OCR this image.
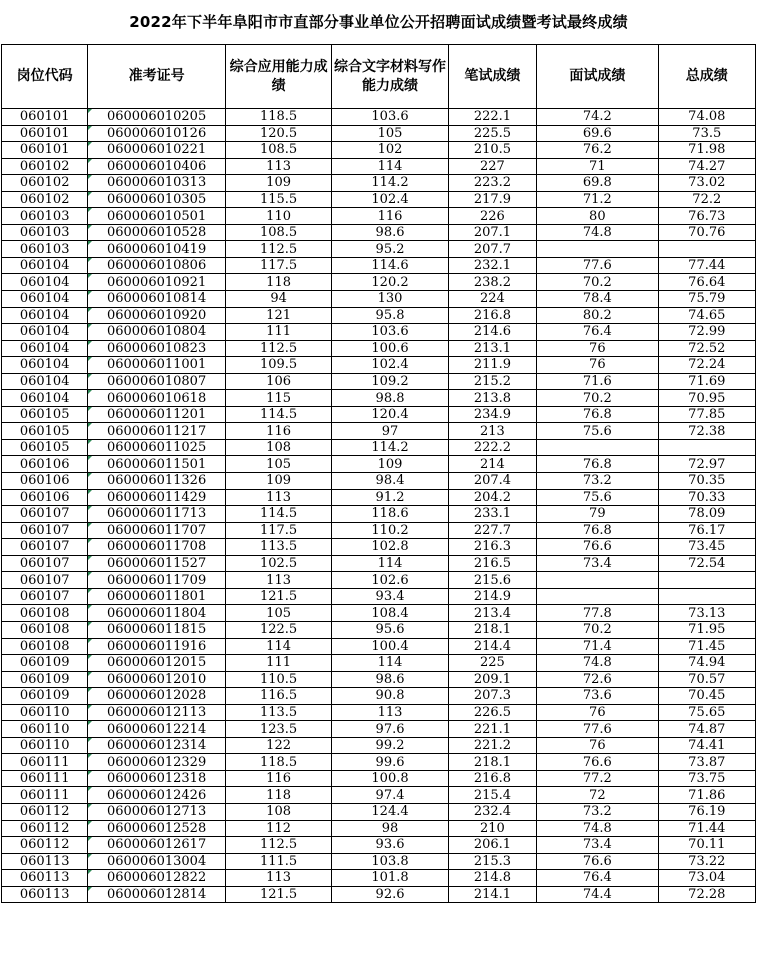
2022年下半年阜阳市市直部分事业单位公开招聘面试成绩暨考试最终成绩
岗位代码	准考证号	综合应用能力成绩	综合文字材料写作能力成绩	笔试成绩	面试成绩	总成绩
060101	060006010205	118.5	103.6	222.1	74.2	74.08
060101	060006010126	120.5	105	225.5	69.6	73.5
060101	060006010221	108.5	102	210.5	76.2	71.98
060102	060006010406	113	114	227	71	74.27
060102	060006010313	109	114.2	223.2	69.8	73.02
060102	060006010305	115.5	102.4	217.9	71.2	72.2
060103	060006010501	110	116	226	80	76.73
060103	060006010528	108.5	98.6	207.1	74.8	70.76
060103	060006010419	112.5	95.2	207.7		
060104	060006010806	117.5	114.6	232.1	77.6	77.44
060104	060006010921	118	120.2	238.2	70.2	76.64
060104	060006010814	94	130	224	78.4	75.79
060104	060006010920	121	95.8	216.8	80.2	74.65
060104	060006010804	111	103.6	214.6	76.4	72.99
060104	060006010823	112.5	100.6	213.1	76	72.52
060104	060006011001	109.5	102.4	211.9	76	72.24
060104	060006010807	106	109.2	215.2	71.6	71.69
060104	060006010618	115	98.8	213.8	70.2	70.95
060105	060006011201	114.5	120.4	234.9	76.8	77.85
060105	060006011217	116	97	213	75.6	72.38
060105	060006011025	108	114.2	222.2		
060106	060006011501	105	109	214	76.8	72.97
060106	060006011326	109	98.4	207.4	73.2	70.35
060106	060006011429	113	91.2	204.2	75.6	70.33
060107	060006011713	114.5	118.6	233.1	79	78.09
060107	060006011707	117.5	110.2	227.7	76.8	76.17
060107	060006011708	113.5	102.8	216.3	76.6	73.45
060107	060006011527	102.5	114	216.5	73.4	72.54
060107	060006011709	113	102.6	215.6		
060107	060006011801	121.5	93.4	214.9		
060108	060006011804	105	108.4	213.4	77.8	73.13
060108	060006011815	122.5	95.6	218.1	70.2	71.95
060108	060006011916	114	100.4	214.4	71.4	71.45
060109	060006012015	111	114	225	74.8	74.94
060109	060006012010	110.5	98.6	209.1	72.6	70.57
060109	060006012028	116.5	90.8	207.3	73.6	70.45
060110	060006012113	113.5	113	226.5	76	75.65
060110	060006012214	123.5	97.6	221.1	77.6	74.87
060110	060006012314	122	99.2	221.2	76	74.41
060111	060006012329	118.5	99.6	218.1	76.6	73.87
060111	060006012318	116	100.8	216.8	77.2	73.75
060111	060006012426	118	97.4	215.4	72	71.86
060112	060006012713	108	124.4	232.4	73.2	76.19
060112	060006012528	112	98	210	74.8	71.44
060112	060006012617	112.5	93.6	206.1	73.4	70.11
060113	060006013004	111.5	103.8	215.3	76.6	73.22
060113	060006012822	113	101.8	214.8	76.4	73.04
060113	060006012814	121.5	92.6	214.1	74.4	72.28
